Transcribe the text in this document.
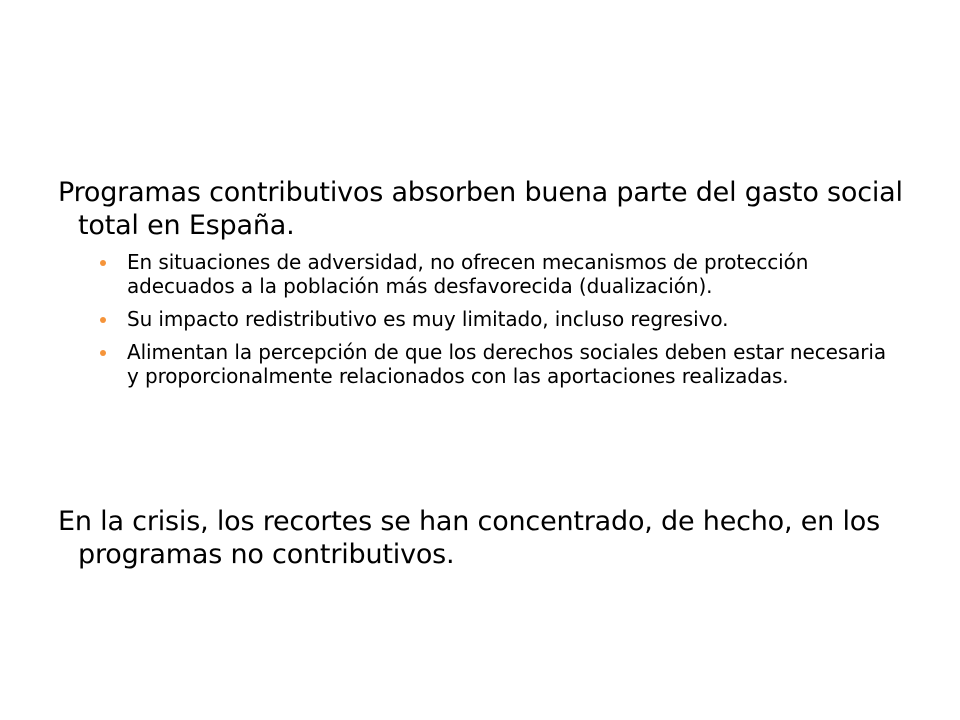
Programas contributivos absorben buena parte del gasto social total en España.

En situaciones de adversidad, no ofrecen mecanismos de protección adecuados a la población más desfavorecida (dualización).
Su impacto redistributivo es muy limitado, incluso regresivo.
Alimentan la percepción de que los derechos sociales deben estar necesaria y proporcionalmente relacionados con las aportaciones realizadas.

En la crisis, los recortes se han concentrado, de hecho, en los programas no contributivos.
